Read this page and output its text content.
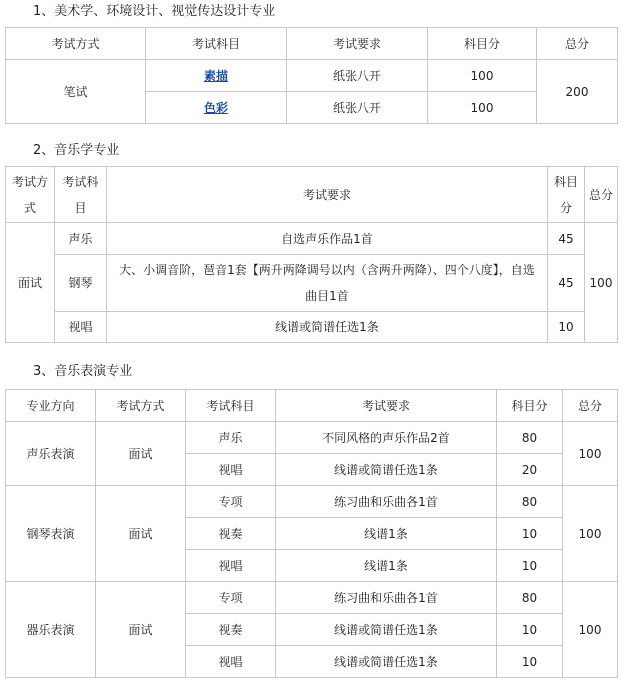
1、美术学、环境设计、视觉传达设计专业
考试方式	考试科目	考试要求	科目分	总分
笔试	素描	纸张八开	100	200
	色彩	纸张八开	100	
2、音乐学专业
考试方式	考试科目	考试要求	科目分	总分
面试	声乐	自选声乐作品1首	45	100
	钢琴	大、小调音阶，琶音1套【两升两降调号以内（含两升两降）、四个八度】，自选曲目1首	45	
	视唱	线谱或简谱任选1条	10	
3、音乐表演专业
专业方向	考试方式	考试科目	考试要求	科目分	总分
声乐表演	面试	声乐	不同风格的声乐作品2首	80	100
		视唱	线谱或简谱任选1条	20	
钢琴表演	面试	专项	练习曲和乐曲各1首	80	100
		视奏	线谱1条	10	
		视唱	线谱1条	10	
器乐表演	面试	专项	练习曲和乐曲各1首	80	100
		视奏	线谱或简谱任选1条	10	
		视唱	线谱或简谱任选1条	10	
